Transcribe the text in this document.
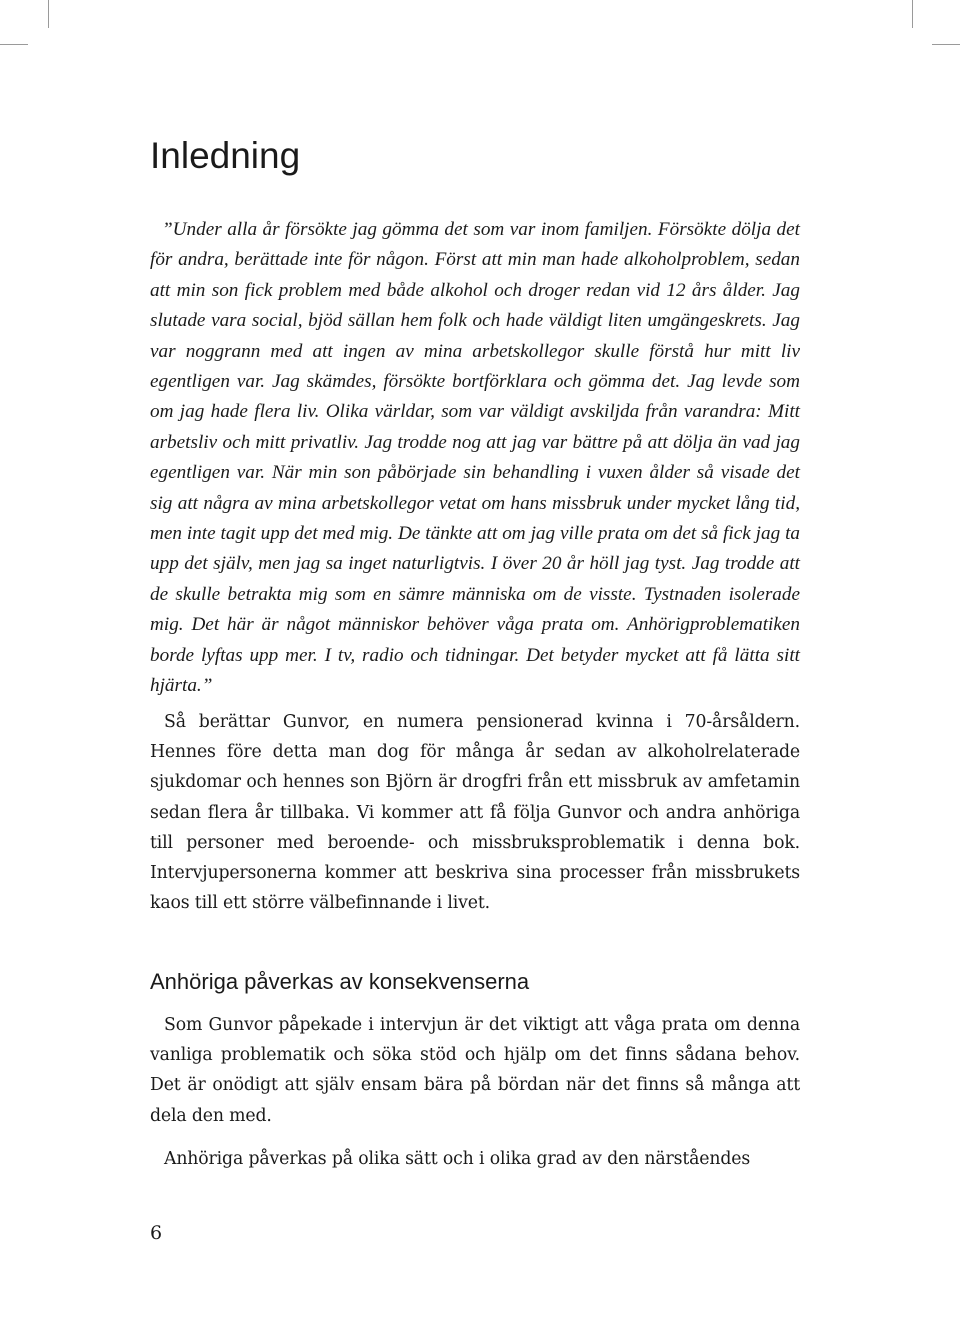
Inledning

”Under alla år försökte jag gömma det som var inom familjen. Försökte dölja det för andra, berättade inte för någon. Först att min man hade alkoholproblem, sedan att min son fick problem med både alkohol och droger redan vid 12 års ålder. Jag slutade vara social, bjöd sällan hem folk och hade väldigt liten umgängeskrets. Jag var noggrann med att ingen av mina arbetskollegor skulle förstå hur mitt liv egentligen var. Jag skämdes, försökte bortförklara och gömma det. Jag levde som om jag hade flera liv. Olika världar, som var väldigt avskiljda från varandra: Mitt arbetsliv och mitt privatliv. Jag trodde nog att jag var bättre på att dölja än vad jag egentligen var. När min son påbörjade sin behandling i vuxen ålder så visade det sig att några av mina arbetskollegor vetat om hans missbruk under mycket lång tid, men inte tagit upp det med mig. De tänkte att om jag ville prata om det så fick jag ta upp det själv, men jag sa inget naturligtvis. I över 20 år höll jag tyst. Jag trodde att de skulle betrakta mig som en sämre människa om de visste. Tystnaden isolerade mig. Det här är något människor behöver våga prata om. Anhörigproblematiken borde lyftas upp mer. I tv, radio och tidningar. Det betyder mycket att få lätta sitt hjärta.”

Så berättar Gunvor, en numera pensionerad kvinna i 70-årsåldern. Hennes före detta man dog för många år sedan av alkoholrelaterade sjukdomar och hennes son Björn är drogfri från ett missbruk av amfetamin sedan flera år tillbaka. Vi kommer att få följa Gunvor och andra anhöriga till personer med beroende- och missbruksproblematik i denna bok. Intervjupersonerna kommer att beskriva sina processer från missbrukets kaos till ett större välbefinnande i livet.

Anhöriga påverkas av konsekvenserna

Som Gunvor påpekade i intervjun är det viktigt att våga prata om denna vanliga problematik och söka stöd och hjälp om det finns sådana behov. Det är onödigt att själv ensam bära på bördan när det finns så många att dela den med.

Anhöriga påverkas på olika sätt och i olika grad av den närståendes

6
